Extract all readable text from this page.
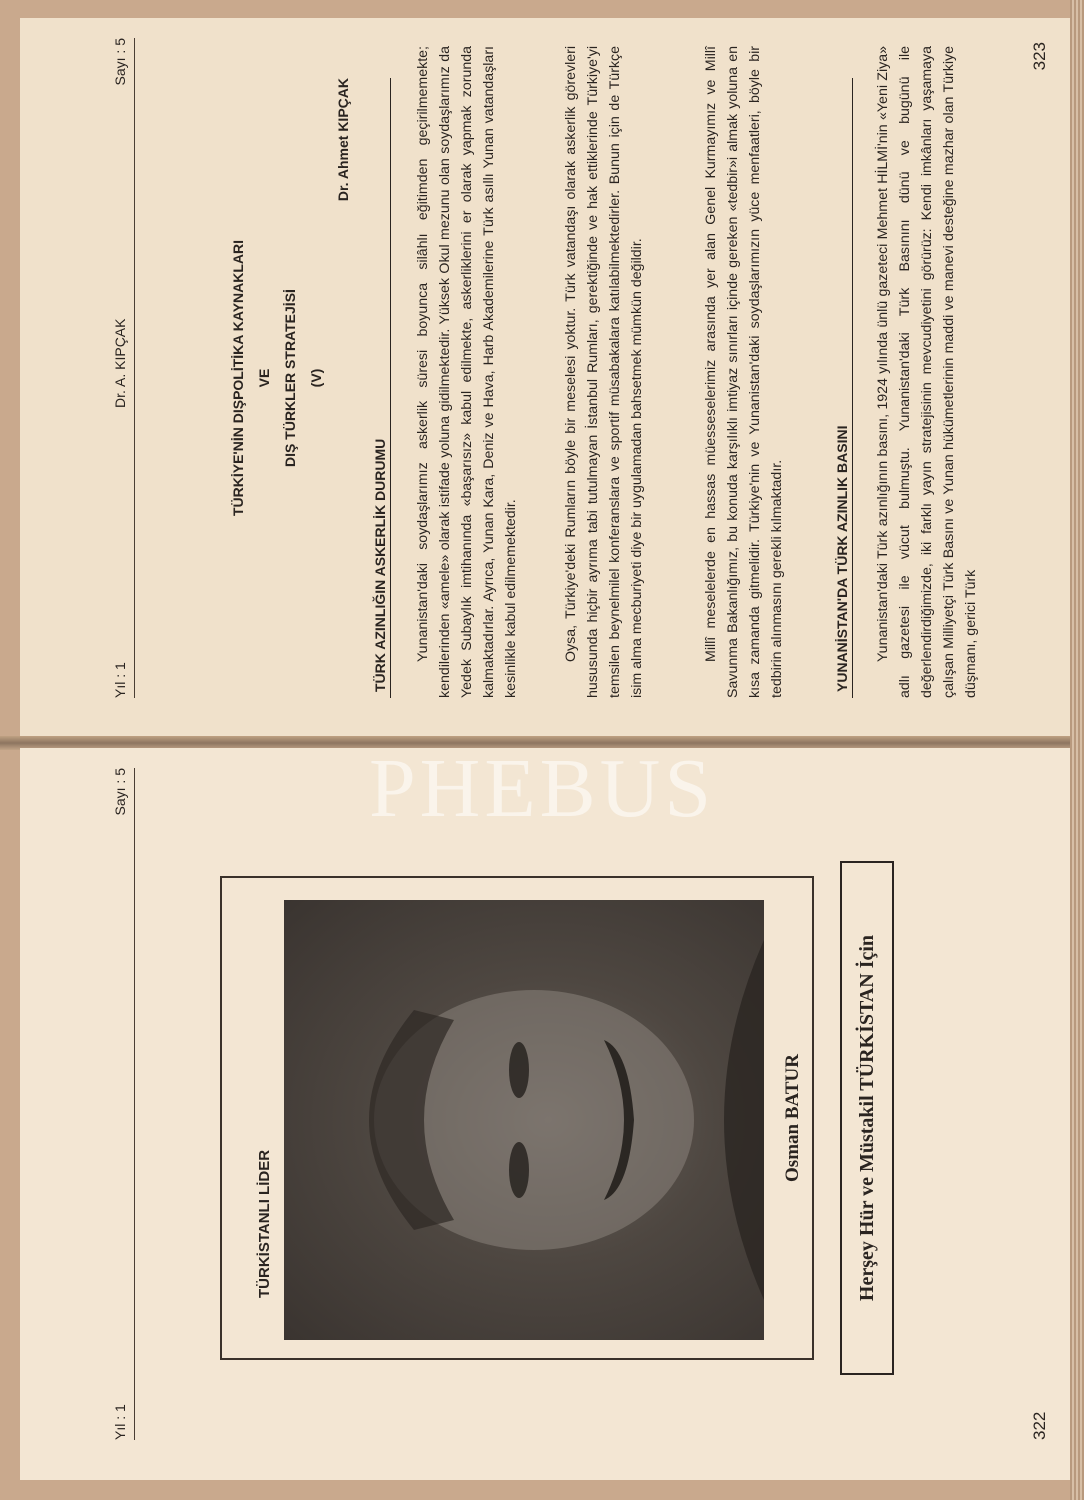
Yıl : 1
Dr. A. KIPÇAK
Sayı : 5
TÜRKİYE'NİN DIŞPOLİTİKA KAYNAKLARI VE DIŞ TÜRKLER STRATEJİSİ (V)
Dr. Ahmet KIPÇAK
TÜRK AZINLIĞIN ASKERLİK DURUMU Yunanistan'daki soydaşlarımız askerlik süresi boyunca silâhlı eğitimden geçirilmemekte; kendilerinden «amele» olarak istifade yoluna gidilmektedir. Yüksek Okul mezunu olan soydaşlarımız da Yedek Subaylık imtihanında «başarısız» kabul edilmekte, askerliklerini er olarak yapmak zorunda kalmaktadırlar. Ayrıca, Yunan Kara, Deniz ve Hava, Harb Akademilerine Türk asıllı Yunan vatandaşları kesinlikle kabul edilmemektedir.	Oysa, Türkiye'deki Rumların böyle bir meselesi yoktur. Türk vatandaşı olarak askerlik görevleri hususunda hiçbir ayrıma tabi tutulmayan İstanbul Rumları, gerektiğinde ve hak ettiklerinde Türkiye'yi temsilen beynelmilel konferanslara ve sportif müsabakalara katılabilmektedirler. Bunun için de Türkçe isim alma mecburiyeti diye bir uygulamadan bahsetmek mümkün değildir.	Millî meselelerde en hassas müesseselerimiz arasında yer alan Genel Kurmayımız ve Millî Savunma Bakanlığımız, bu konuda karşılıklı imtiyaz sınırları içinde gereken «tedbir»i almak yoluna en kısa zamanda gitmelidir. Türkiye'nin ve Yunanistan'daki soydaşlarımızın yüce menfaatleri, böyle bir tedbirin alınmasını gerekli kılmaktadır.	YUNANİSTAN'DA TÜRK AZINLIK BASINI Yunanistan'daki Türk azınlığının basını, 1924 yılında ünlü gazeteci Mehmet HİLMİ'nin «Yeni Ziya» adlı gazetesi ile vücut bulmuştu. Yunanistan'daki Türk Basınını dünü ve bugünü ile değerlendirdiğimizde, iki farklı yayın stratejisinin mevcudiyetini görürüz: Kendi imkânları yaşamaya çalışan Milliyetçi Türk Basını ve Yunan hükümetlerinin maddi ve manevi desteğine mazhar olan Türkiye düşmanı, gerici Türk
323
Yıl : 1
Sayı : 5
TÜRKİSTANLI LİDER
Osman BATUR	Herşey Hür ve Müstakil TÜRKİSTAN İçin
322
PHEBUS
